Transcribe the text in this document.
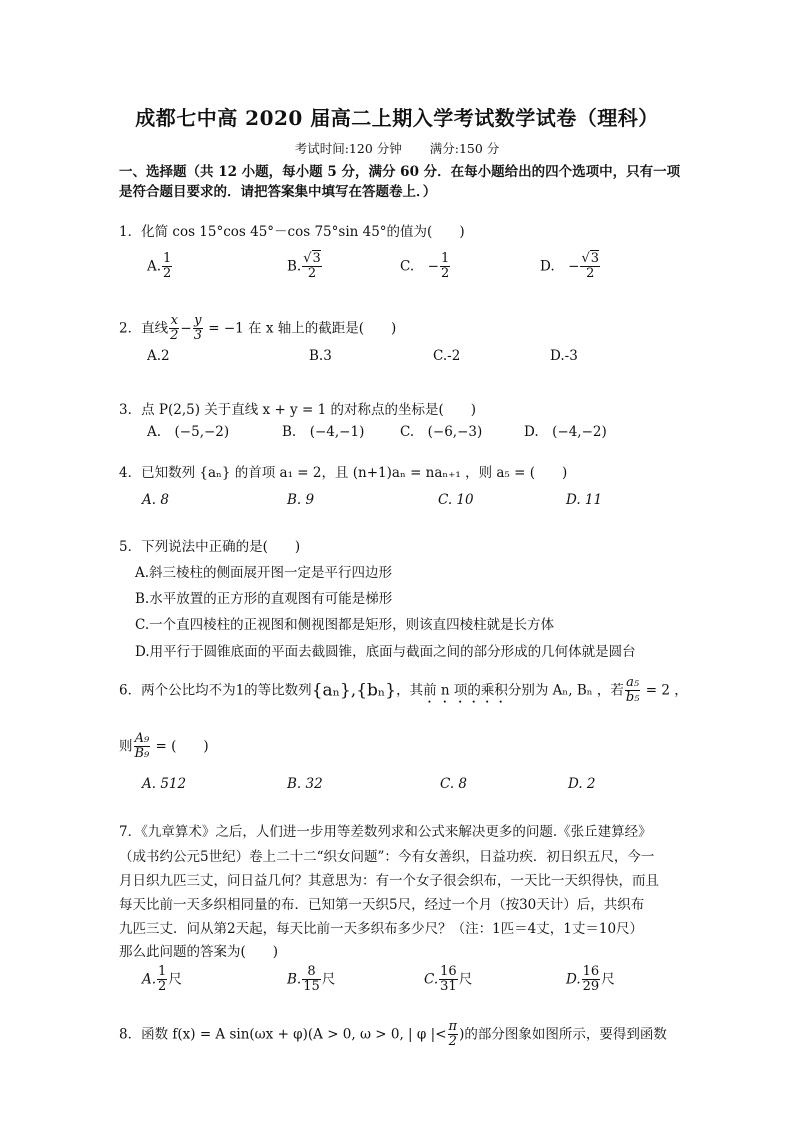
成都七中高 2020 届高二上期入学考试数学试卷（理科）
考试时间:120 分钟 满分:150 分
一、选择题（共 12 小题，每小题 5 分，满分 60 分．在每小题给出的四个选项中，只有一项
是符合题目要求的．请把答案集中填写在答题卷上．）
1．化简 cos 15°cos 45°－cos 75°sin 45°的值为(　　)
A. $\frac{1}{2}$	B. $\frac{√3}{2}$	C.　− $\frac{1}{2}$	D.　− $\frac{√3}{2}$
2．直线 $\frac{x}{2} - \frac{y}{3} = -1$ 在 x 轴上的截距是(　　)
A.2	B.3	C.-2	D.-3
3．点 P(2,5) 关于直线 x + y = 1 的对称点的坐标是(　　)
A.　(−5,−2)	B.　(−4,−1)	C.　(−6,−3)	D.　(−4,−2)
4．已知数列 {aₙ} 的首项 a₁ = 2，且 (n+1)aₙ = naₙ₊₁ ，则 a₅ = (　　)
A. 8	B. 9	C. 10	D. 11
5．下列说法中正确的是(　　)
A.斜三棱柱的侧面展开图一定是平行四边形
B.水平放置的正方形的直观图有可能是梯形
C.一个直四棱柱的正视图和侧视图都是矩形，则该直四棱柱就是长方体
D.用平行于圆锥底面的平面去截圆锥，底面与截面之间的部分形成的几何体就是圆台
6．两个公比均不为1的等比数列{aₙ},{bₙ}，其前 n 项的乘积分别为 Aₙ, Bₙ ，若 $\frac{\text{a₅}}{\text{b₅}} = 2$ ，
则 $\frac{\text{A₉}}{\text{B₉}}$ = (　　)
A. 512	B. 32	C. 8	D. 2
7．《九章算术》之后，人们进一步用等差数列求和公式来解决更多的问题.《张丘建算经》
（成书约公元5世纪）卷上二十二“织女问题”：今有女善织，日益功疾．初日织五尺，今一
月日织九匹三丈，问日益几何？其意思为：有一个女子很会织布，一天比一天织得快，而且
每天比前一天多织相同量的布．已知第一天织5尺，经过一个月（按30天计）后，共织布
九匹三丈．问从第2天起，每天比前一天多织布多少尺？（注：1匹＝4丈，1丈＝10尺）
那么此问题的答案为(　　)
A. $\frac{1}{2}$ 尺	B. $\frac{8}{15}$ 尺	C. $\frac{16}{31}$ 尺	D. $\frac{16}{29}$ 尺
8．函数 f(x) = A sin(ωx + φ)(A > 0, ω > 0, | φ |< $\frac{\pi}{2}$ )的部分图象如图所示，要得到函数
